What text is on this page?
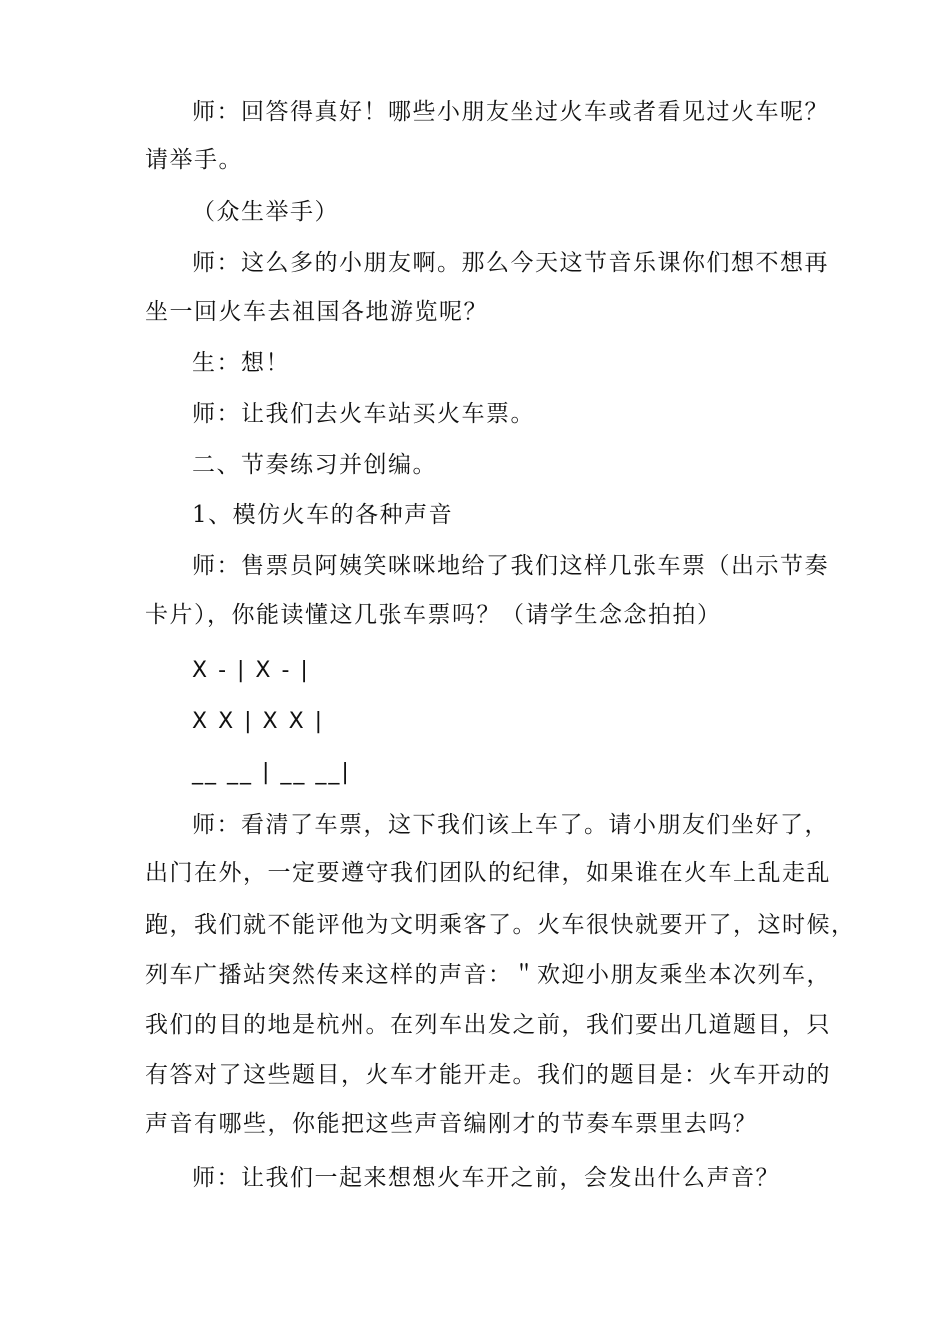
师：回答得真好！哪些小朋友坐过火车或者看见过火车呢？
请举手。
（众生举手）
师：这么多的小朋友啊。那么今天这节音乐课你们想不想再
坐一回火车去祖国各地游览呢？
生：想！
师：让我们去火车站买火车票。
二、节奏练习并创编。
1、模仿火车的各种声音
师：售票员阿姨笑咪咪地给了我们这样几张车票（出示节奏
卡片），你能读懂这几张车票吗？（请学生念念拍拍）
X - | X - |
X X | X X |
__ __ | __ __|
师：看清了车票，这下我们该上车了。请小朋友们坐好了，
出门在外，一定要遵守我们团队的纪律，如果谁在火车上乱走乱
跑，我们就不能评他为文明乘客了。火车很快就要开了，这时候，
列车广播站突然传来这样的声音：＂欢迎小朋友乘坐本次列车，
我们的目的地是杭州。在列车出发之前，我们要出几道题目，只
有答对了这些题目，火车才能开走。我们的题目是：火车开动的
声音有哪些，你能把这些声音编刚才的节奏车票里去吗？
师：让我们一起来想想火车开之前，会发出什么声音？
